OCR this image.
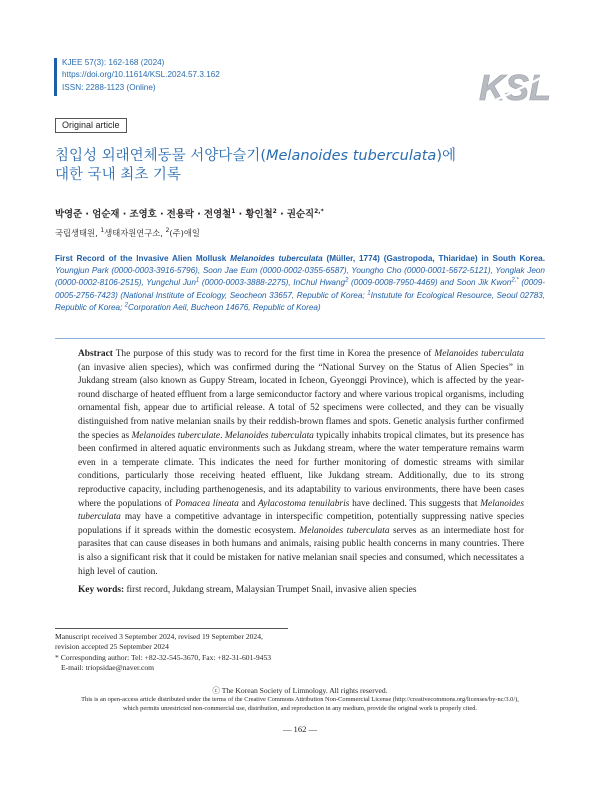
KJEE 57(3): 162-168 (2024)
https://doi.org/10.11614/KSL.2024.57.3.162
ISSN: 2288-1123 (Online)	KSL
Original article
침입성 외래연체동물 서양다슬기(Melanoides tuberculata)에
대한 국내 최초 기록
박영준 · 엄순재 · 조영호 · 전용락 · 전영철$^1$ · 황인철$^2$ · 권순직$^{2,*}$
국립생태원, $^1$생태자원연구소, $^2$(주)애일
First Record of the Invasive Alien Mollusk Melanoides tuberculata (Müller, 1774) (Gastropoda, Thiaridae) in South Korea. Youngjun Park (0000-0003-3916-5796), Soon Jae Eum (0000-0002-0355-6587), Youngho Cho (0000-0001-5672-5121), Yonglak Jeon (0000-0002-8106-2515), Yungchul Jun$^1$ (0000-0003-3888-2275), InChul Hwang$^2$ (0009-0008-7950-4469) and Soon Jik Kwon$^{2,*}$ (0009-0005-2756-7423) (National Institute of Ecology, Seocheon 33657, Republic of Korea; $^1$Instutute for Ecological Resource, Seoul 02783, Republic of Korea; $^2$Corporation Aeil, Bucheon 14676, Republic of Korea)
Abstract The purpose of this study was to record for the first time in Korea the presence of Melanoides tuberculata (an invasive alien species), which was confirmed during the “National Survey on the Status of Alien Species” in Jukdang stream (also known as Guppy Stream, located in Icheon, Gyeonggi Province), which is affected by the year-round discharge of heated effluent from a large semiconductor factory and where various tropical organisms, including ornamental fish, appear due to artificial release. A total of 52 specimens were collected, and they can be visually distinguished from native melanian snails by their reddish-brown flames and spots. Genetic analysis further confirmed the species as Melanoides tuberculate. Melanoides tuberculata typically inhabits tropical climates, but its presence has been confirmed in altered aquatic environments such as Jukdang stream, where the water temperature remains warm even in a temperate climate. This indicates the need for further monitoring of domestic streams with similar conditions, particularly those receiving heated effluent, like Jukdang stream. Additionally, due to its strong reproductive capacity, including parthenogenesis, and its adaptability to various environments, there have been cases where the populations of Pomacea lineata and Aylacostoma tenuilabris have declined. This suggests that Melanoides tuberculata may have a competitive advantage in interspecific competition, potentially suppressing native species populations if it spreads within the domestic ecosystem. Melanoides tuberculata serves as an intermediate host for parasites that can cause diseases in both humans and animals, raising public health concerns in many countries. There is also a significant risk that it could be mistaken for native melanian snail species and consumed, which necessitates a high level of caution.
Key words: first record, Jukdang stream, Malaysian Trumpet Snail, invasive alien species
Manuscript received 3 September 2024, revised 19 September 2024,
revision accepted 25 September 2024
* Corresponding author: Tel: +82-32-545-3670, Fax: +82-31-601-9453
E-mail: triopsidae@naver.com
ⓒ The Korean Society of Limnology. All rights reserved.
This is an open-access article distributed under the terms of the Creative Commons Attribution Non-Commercial License (http://creativecommons.org/licenses/by-nc/3.0/),
which permits unrestricted non-commercial use, distribution, and reproduction in any medium, provide the original work is properly cited.
— 162 —
